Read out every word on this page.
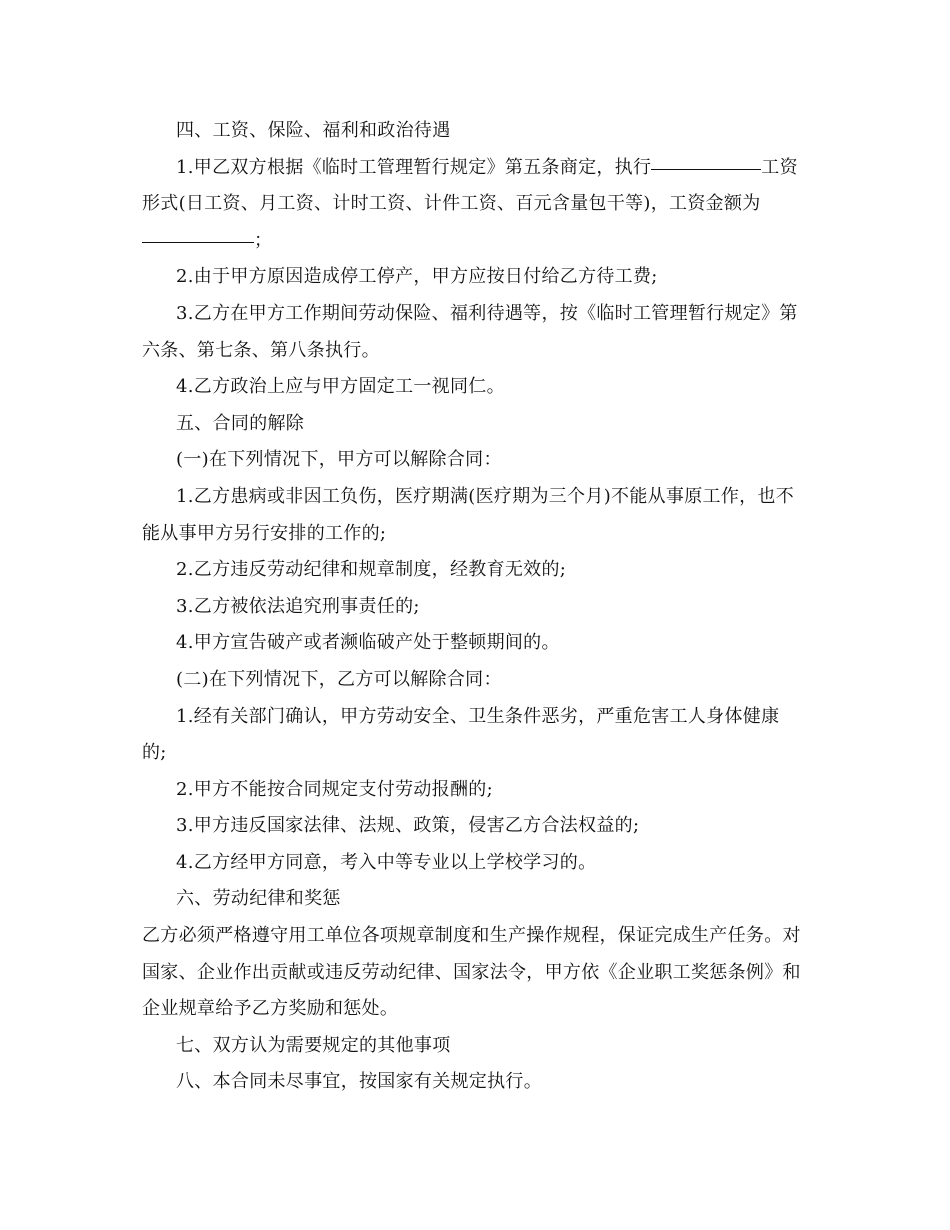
四、工资、保险、福利和政治待遇

1.甲乙双方根据《临时工管理暂行规定》第五条商定，执行	工资形式(日工资、月工资、计时工资、计件工资、百元含量包干等)，工资金额为；

2.由于甲方原因造成停工停产，甲方应按日付给乙方待工费;

3.乙方在甲方工作期间劳动保险、福利待遇等，按《临时工管理暂行规定》第六条、第七条、第八条执行。

4.乙方政治上应与甲方固定工一视同仁。

五、合同的解除

(一)在下列情况下，甲方可以解除合同：

1.乙方患病或非因工负伤，医疗期满(医疗期为三个月)不能从事原工作，也不能从事甲方另行安排的工作的;

2.乙方违反劳动纪律和规章制度，经教育无效的;

3.乙方被依法追究刑事责任的;

4.甲方宣告破产或者濒临破产处于整顿期间的。

(二)在下列情况下，乙方可以解除合同：

1.经有关部门确认，甲方劳动安全、卫生条件恶劣，严重危害工人身体健康的;

2.甲方不能按合同规定支付劳动报酬的;

3.甲方违反国家法律、法规、政策，侵害乙方合法权益的;

4.乙方经甲方同意，考入中等专业以上学校学习的。

六、劳动纪律和奖惩

乙方必须严格遵守用工单位各项规章制度和生产操作规程，保证完成生产任务。对国家、企业作出贡献或违反劳动纪律、国家法令，甲方依《企业职工奖惩条例》和企业规章给予乙方奖励和惩处。

七、双方认为需要规定的其他事项

八、本合同未尽事宜，按国家有关规定执行。
